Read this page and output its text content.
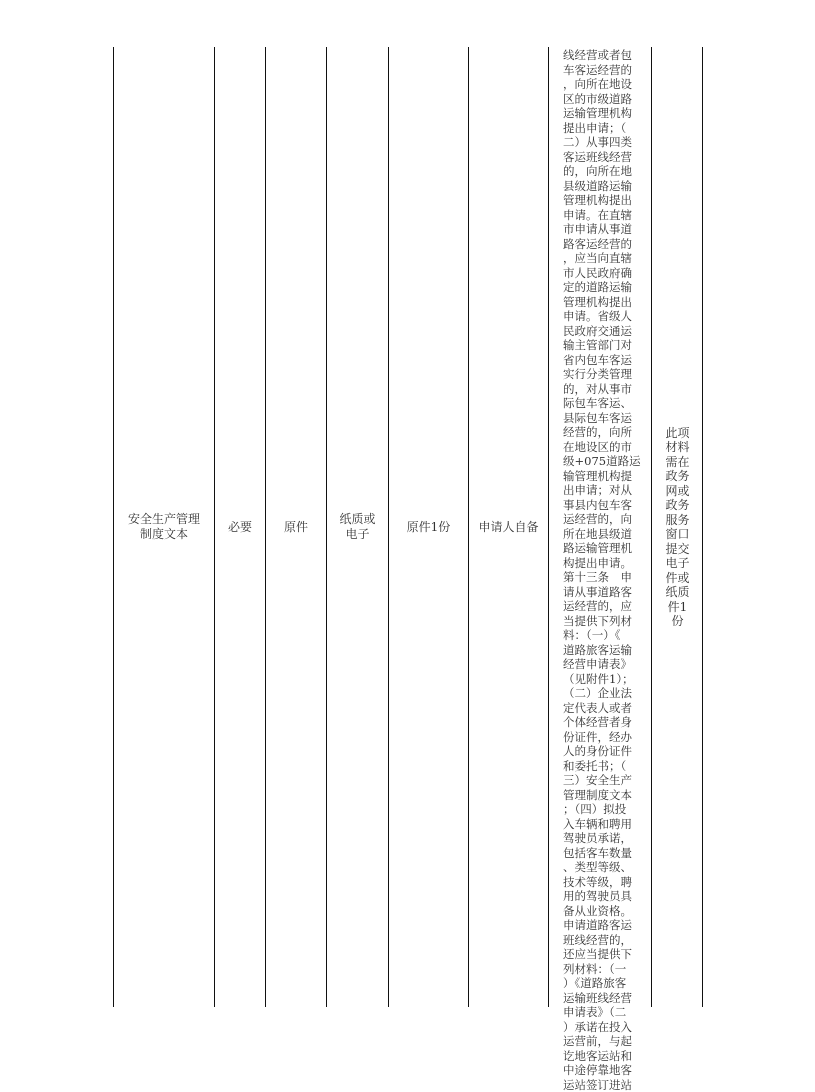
安全生产管理
制度文本
必要	原件
纸质或
电子
原件1份 申请人自备
线经营或者包
车客运经营的
，向所在地设
区的市级道路
运输管理机构
提出申请；（
二）从事四类
客运班线经营
的，向所在地
县级道路运输
管理机构提出
申请。在直辖
市申请从事道
路客运经营的
，应当向直辖
市人民政府确
定的道路运输
管理机构提出
申请。省级人
民政府交通运
输主管部门对
省内包车客运
实行分类管理
的，对从事市
际包车客运、
县际包车客运
经营的，向所
在地设区的市
级+075道路运
输管理机构提
出申请；对从
事县内包车客
运经营的，向
所在地县级道
路运输管理机
构提出申请。
第十三条　申
请从事道路客
运经营的，应
当提供下列材
料：（一）《
道路旅客运输
经营申请表》
（见附件1）；
（二）企业法
定代表人或者
个体经营者身
份证件，经办
人的身份证件
和委托书；（
三）安全生产
管理制度文本
；（四）拟投
入车辆和聘用
驾驶员承诺，
包括客车数量
、类型等级、
技术等级，聘
用的驾驶员具
备从业资格。
申请道路客运
班线经营的，
还应当提供下
列材料：（一
）《道路旅客
运输班线经营
申请表》（二
）承诺在投入
运营前，与起
讫地客运站和
中途停靠地客
运站签订进站
此项材料需在政务网或政务服务窗口提交电子件或纸质件1份
